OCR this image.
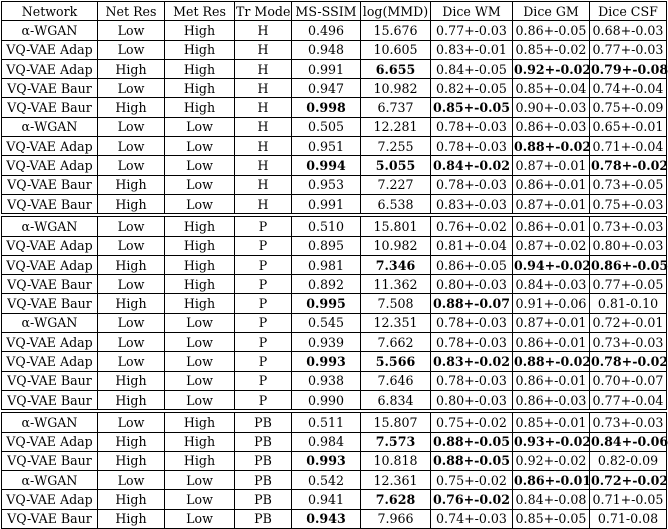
Network	Net Res	Met Res	Tr Mode	MS-SSIM	log(MMD)	Dice WM	Dice GM	Dice CSF
α-WGAN	Low	High	H	0.496	15.676	0.77+-0.03	0.86+-0.05	0.68+-0.03
VQ-VAE Adap	Low	High	H	0.948	10.605	0.83+-0.01	0.85+-0.02	0.77+-0.03
VQ-VAE Adap	High	High	H	0.991	6.655	0.84+-0.05	0.92+-0.02	0.79+-0.08
VQ-VAE Baur	Low	High	H	0.947	10.982	0.82+-0.05	0.85+-0.04	0.74+-0.04
VQ-VAE Baur	High	High	H	0.998	6.737	0.85+-0.05	0.90+-0.03	0.75+-0.09
α-WGAN	Low	Low	H	0.505	12.281	0.78+-0.03	0.86+-0.03	0.65+-0.01
VQ-VAE Adap	Low	Low	H	0.951	7.255	0.78+-0.03	0.88+-0.02	0.71+-0.04
VQ-VAE Adap	Low	Low	H	0.994	5.055	0.84+-0.02	0.87+-0.01	0.78+-0.02
VQ-VAE Baur	High	Low	H	0.953	7.227	0.78+-0.03	0.86+-0.01	0.73+-0.05
VQ-VAE Baur	High	Low	H	0.991	6.538	0.83+-0.03	0.87+-0.01	0.75+-0.03
α-WGAN	Low	High	P	0.510	15.801	0.76+-0.02	0.86+-0.01	0.73+-0.03
VQ-VAE Adap	Low	High	P	0.895	10.982	0.81+-0.04	0.87+-0.02	0.80+-0.03
VQ-VAE Adap	High	High	P	0.981	7.346	0.86+-0.05	0.94+-0.02	0.86+-0.05
VQ-VAE Baur	Low	High	P	0.892	11.362	0.80+-0.03	0.84+-0.03	0.77+-0.05
VQ-VAE Baur	High	High	P	0.995	7.508	0.88+-0.07	0.91+-0.06	0.81-0.10
α-WGAN	Low	Low	P	0.545	12.351	0.78+-0.03	0.87+-0.01	0.72+-0.01
VQ-VAE Adap	Low	Low	P	0.939	7.662	0.78+-0.03	0.86+-0.01	0.73+-0.03
VQ-VAE Adap	Low	Low	P	0.993	5.566	0.83+-0.02	0.88+-0.02	0.78+-0.02
VQ-VAE Baur	High	Low	P	0.938	7.646	0.78+-0.03	0.86+-0.01	0.70+-0.07
VQ-VAE Baur	High	Low	P	0.990	6.834	0.80+-0.03	0.86+-0.03	0.77+-0.04
α-WGAN	Low	High	PB	0.511	15.807	0.75+-0.02	0.85+-0.01	0.73+-0.03
VQ-VAE Adap	High	High	PB	0.984	7.573	0.88+-0.05	0.93+-0.02	0.84+-0.06
VQ-VAE Baur	High	High	PB	0.993	10.818	0.88+-0.05	0.92+-0.02	0.82-0.09
α-WGAN	Low	Low	PB	0.542	12.361	0.75+-0.02	0.86+-0.01	0.72+-0.02
VQ-VAE Adap	High	Low	PB	0.941	7.628	0.76+-0.02	0.84+-0.08	0.71+-0.05
VQ-VAE Baur	High	Low	PB	0.943	7.966	0.74+-0.03	0.85+-0.05	0.71-0.08
